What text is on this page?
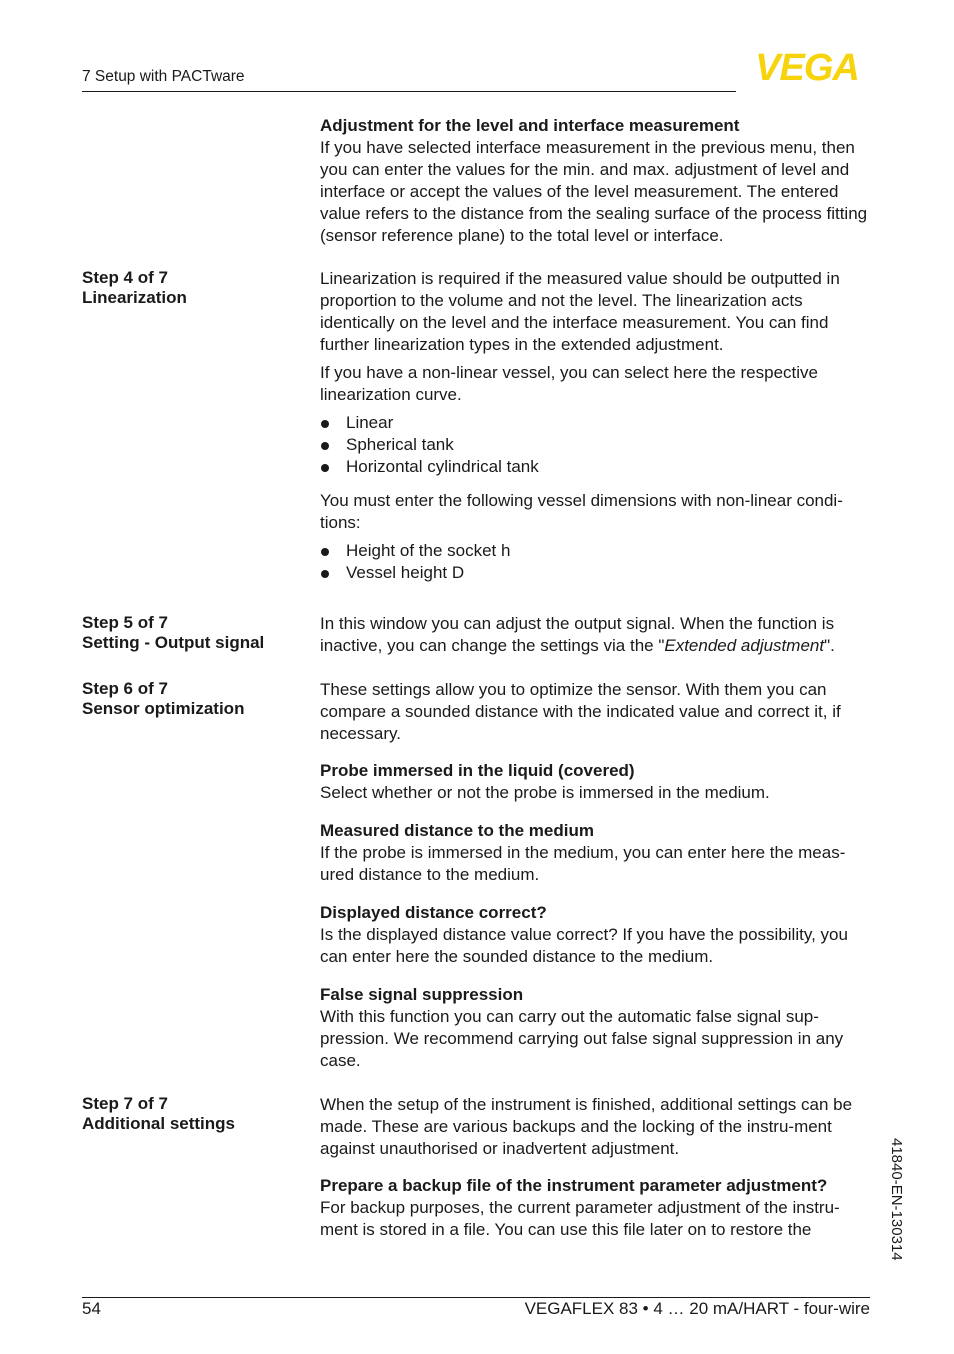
7 Setup with PACTware	VEGA

Adjustment for the level and interface measurement

If you have selected interface measurement in the previous menu, then you can enter the values for the min. and max. adjustment of level and interface or accept the values of the level measurement. The entered value refers to the distance from the sealing surface of the process fitting (sensor reference plane) to the total level or interface.

Step 4 of 7
Linearization

Linearization is required if the measured value should be outputted in proportion to the volume and not the level. The linearization acts identically on the level and the interface measurement. You can find further linearization types in the extended adjustment.

If you have a non-linear vessel, you can select here the respective linearization curve.

Linear
Spherical tank
Horizontal cylindrical tank

You must enter the following vessel dimensions with non-linear condi-tions:

Height of the socket h
Vessel height D
Step 5 of 7
Setting - Output signal

In this window you can adjust the output signal. When the function is inactive, you can change the settings via the "Extended adjustment".

Step 6 of 7
Sensor optimization

These settings allow you to optimize the sensor. With them you can compare a sounded distance with the indicated value and correct it, if necessary.

Probe immersed in the liquid (covered)

Select whether or not the probe is immersed in the medium.

Measured distance to the medium

If the probe is immersed in the medium, you can enter here the meas-ured distance to the medium.

Displayed distance correct?

Is the displayed distance value correct? If you have the possibility, you can enter here the sounded distance to the medium.

False signal suppression

With this function you can carry out the automatic false signal sup-pression. We recommend carrying out false signal suppression in any case.

Step 7 of 7
Additional settings

When the setup of the instrument is finished, additional settings can be made. These are various backups and the locking of the instru-ment against unauthorised or inadvertent adjustment.

Prepare a backup file of the instrument parameter adjustment?

For backup purposes, the current parameter adjustment of the instru-ment is stored in a file. You can use this file later on to restore the	41840-EN-130314
54	VEGAFLEX 83 • 4 … 20 mA/HART - four-wire
